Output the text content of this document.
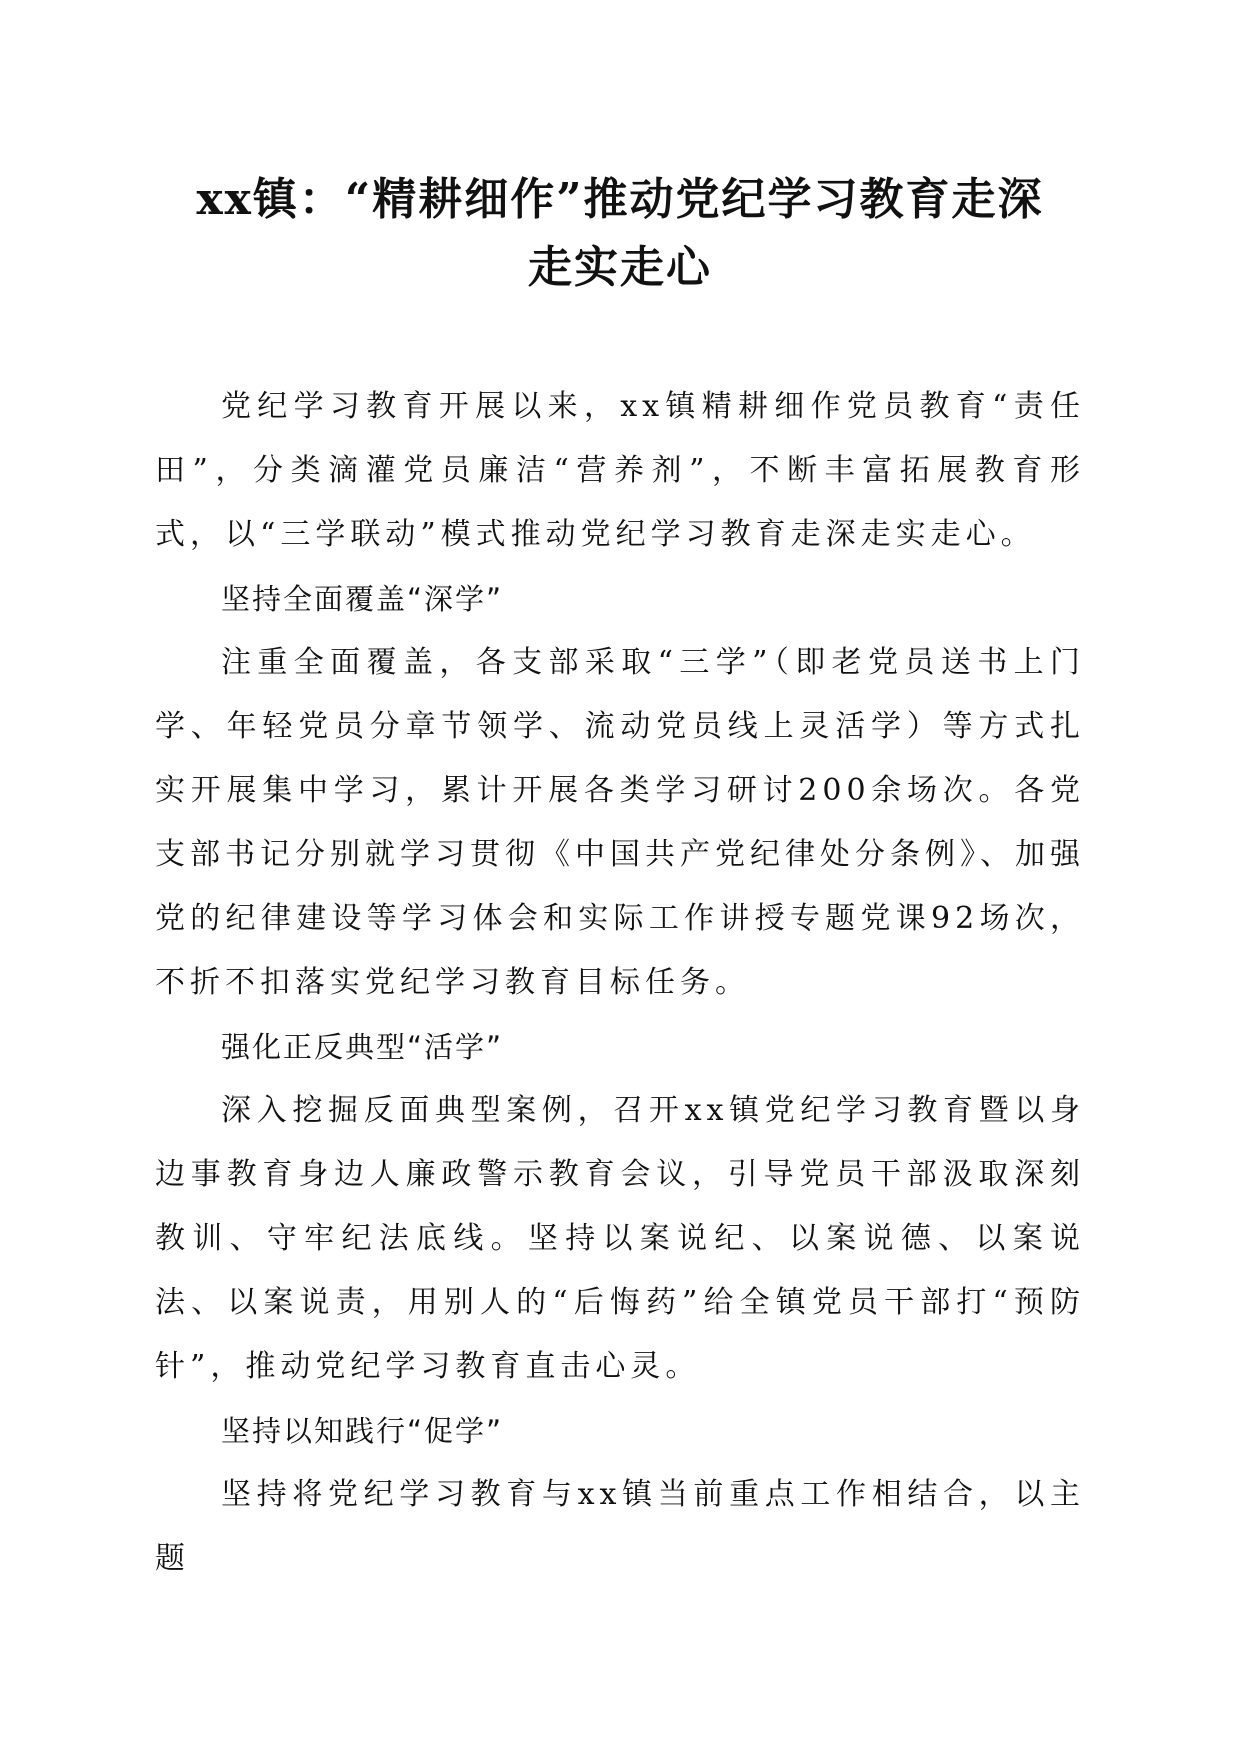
xx镇：“精耕细作”推动党纪学习教育走深
走实走心

党纪学习教育开展以来，xx镇精耕细作党员教育“责任田”，分类滴灌党员廉洁“营养剂”，不断丰富拓展教育形式，以“三学联动”模式推动党纪学习教育走深走实走心。

坚持全面覆盖“深学”

注重全面覆盖，各支部采取“三学”（即老党员送书上门学、年轻党员分章节领学、流动党员线上灵活学）等方式扎实开展集中学习，累计开展各类学习研讨200余场次。各党支部书记分别就学习贯彻《中国共产党纪律处分条例》、加强党的纪律建设等学习体会和实际工作讲授专题党课92场次，不折不扣落实党纪学习教育目标任务。

强化正反典型“活学”

深入挖掘反面典型案例，召开xx镇党纪学习教育暨以身边事教育身边人廉政警示教育会议，引导党员干部汲取深刻教训、守牢纪法底线。坚持以案说纪、以案说德、以案说法、以案说责，用别人的“后悔药”给全镇党员干部打“预防针”，推动党纪学习教育直击心灵。

坚持以知践行“促学”

坚持将党纪学习教育与xx镇当前重点工作相结合，以主题
